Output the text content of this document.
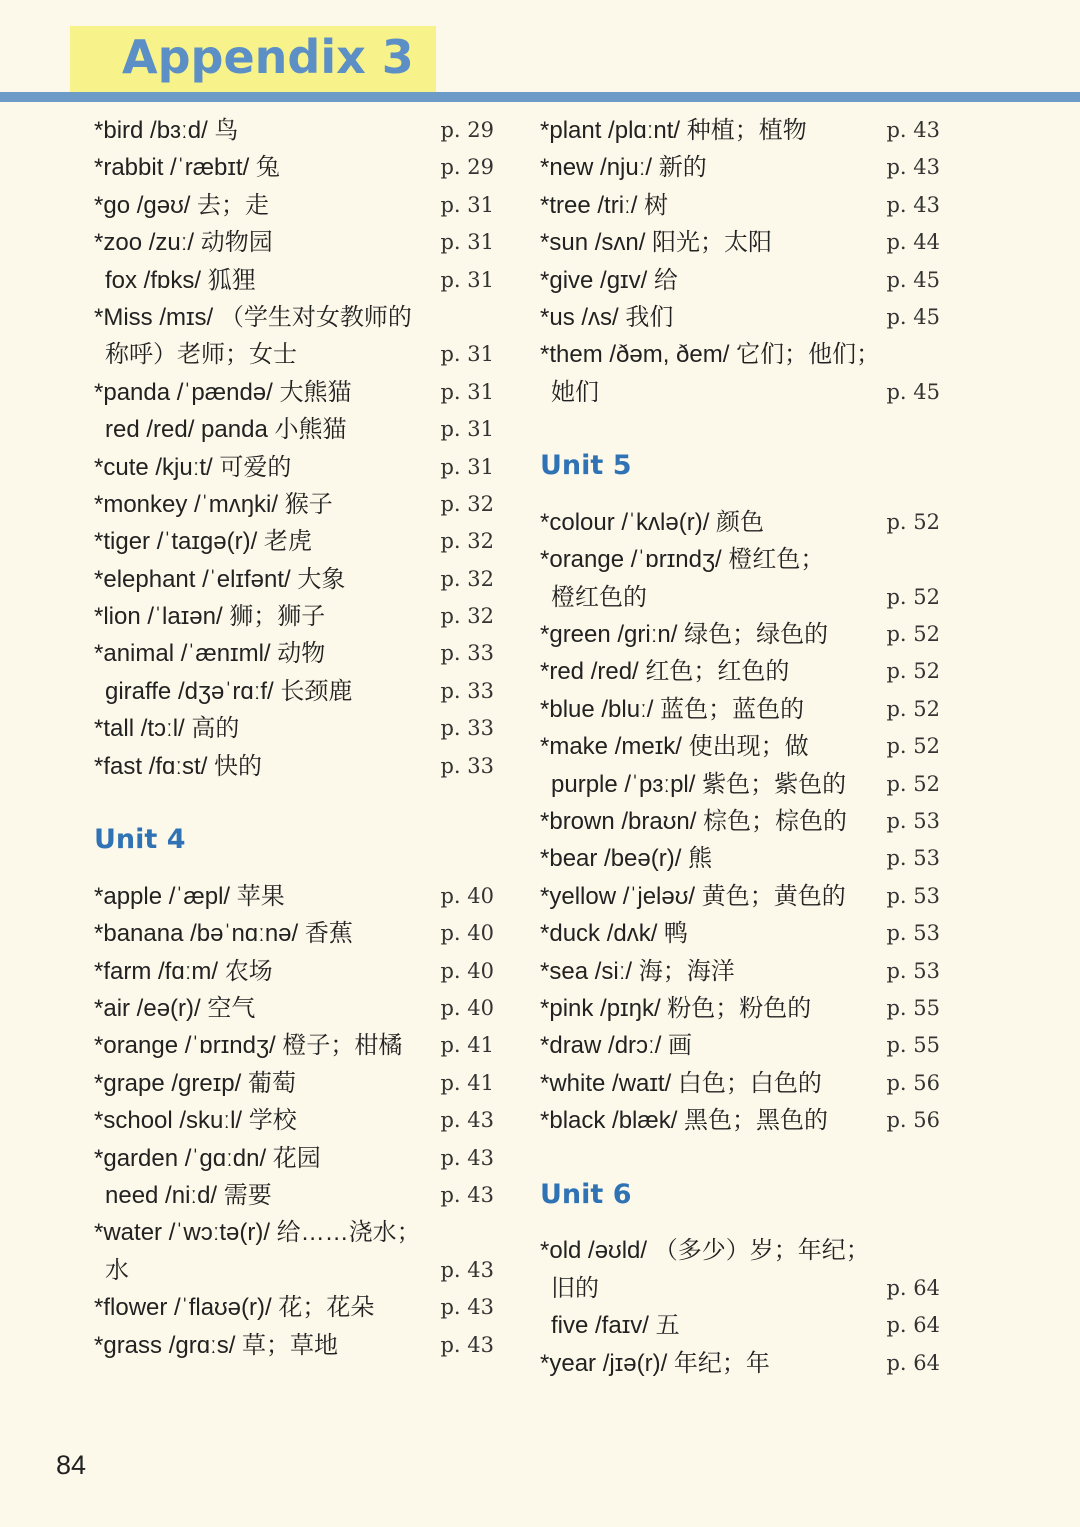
Appendix 3
*bird /bɜːd/ 鸟	p. 29
*rabbit /ˈræbɪt/ 兔	p. 29
*go /ɡəʊ/ 去；走	p. 31
*zoo /zuː/ 动物园	p. 31
fox /fɒks/ 狐狸	p. 31
*Miss /mɪs/ （学生对女教师的
称呼）老师；女士	p. 31
*panda /ˈpændə/ 大熊猫	p. 31
red /red/ panda 小熊猫	p. 31
*cute /kjuːt/ 可爱的	p. 31
*monkey /ˈmʌŋki/ 猴子	p. 32
*tiger /ˈtaɪɡə(r)/ 老虎	p. 32
*elephant /ˈelɪfənt/ 大象	p. 32
*lion /ˈlaɪən/ 狮；狮子	p. 32
*animal /ˈænɪml/ 动物	p. 33
giraffe /dʒəˈrɑːf/ 长颈鹿	p. 33
*tall /tɔːl/ 高的	p. 33
*fast /fɑːst/ 快的	p. 33
Unit 4
*apple /ˈæpl/ 苹果	p. 40
*banana /bəˈnɑːnə/ 香蕉	p. 40
*farm /fɑːm/ 农场	p. 40
*air /eə(r)/ 空气	p. 40
*orange /ˈɒrɪndʒ/ 橙子；柑橘 p. 41
*grape /ɡreɪp/ 葡萄	p. 41
*school /skuːl/ 学校	p. 43
*garden /ˈɡɑːdn/ 花园	p. 43
need /niːd/ 需要	p. 43
*water /ˈwɔːtə(r)/ 给……浇水；
水	p. 43
*flower /ˈflaʊə(r)/ 花；花朵	p. 43
*grass /ɡrɑːs/ 草；草地	p. 43
*plant /plɑːnt/ 种植；植物	p. 43
*new /njuː/ 新的	p. 43
*tree /triː/ 树	p. 43
*sun /sʌn/ 阳光；太阳	p. 44
*give /ɡɪv/ 给	p. 45
*us /ʌs/ 我们	p. 45
*them /ðəm, ðem/ 它们；他们；
她们	p. 45
Unit 5
*colour /ˈkʌlə(r)/ 颜色	p. 52
*orange /ˈɒrɪndʒ/ 橙红色；
橙红色的	p. 52
*green /ɡriːn/ 绿色；绿色的	p. 52
*red /red/ 红色；红色的	p. 52
*blue /bluː/ 蓝色；蓝色的	p. 52
*make /meɪk/ 使出现；做	p. 52
purple /ˈpɜːpl/ 紫色；紫色的 p. 52
*brown /braʊn/ 棕色；棕色的 p. 53
*bear /beə(r)/ 熊	p. 53
*yellow /ˈjeləʊ/ 黄色；黄色的 p. 53
*duck /dʌk/ 鸭	p. 53
*sea /siː/ 海；海洋	p. 53
*pink /pɪŋk/ 粉色；粉色的	p. 55
*draw /drɔː/ 画	p. 55
*white /waɪt/ 白色；白色的	p. 56
*black /blæk/ 黑色；黑色的	p. 56
Unit 6
*old /əʊld/ （多少）岁；年纪；
旧的	p. 64
five /faɪv/ 五	p. 64
*year /jɪə(r)/ 年纪；年	p. 64
84
